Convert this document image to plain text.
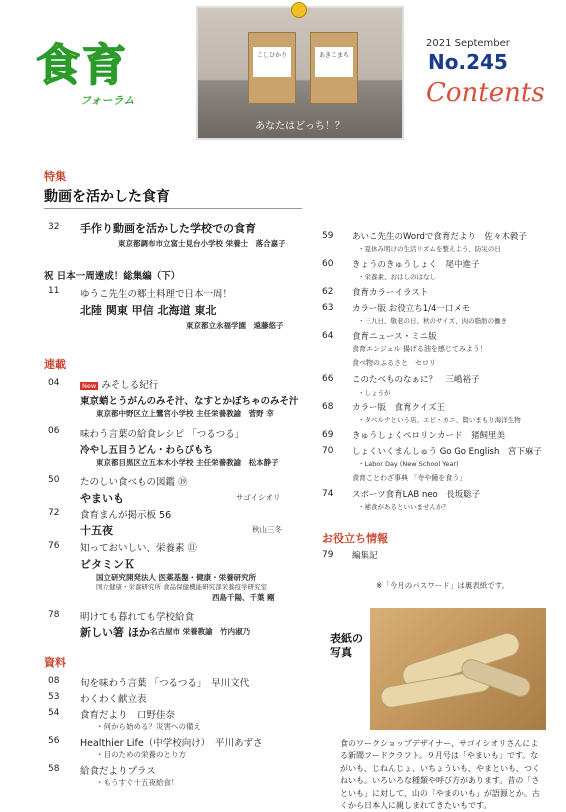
食育
フォーラム
こしひかり	あきこまち
あなたはどっち！？
2021 September
No.245
Contents
特集
動画を活かした食育
32 手作り動画を活かした学校での食育
東京都調布市立富士見台小学校 栄養士　落合嘉子
祝 日本一周達成！総集編（下）
11 ゆうこ先生の郷土料理で日本一周！
北陸 関東 甲信 北海道 東北
東京都立永福学園　遠藤悠子
連載
04	New みそしる紀行
東京蛸とうがんのみそ汁、なすとかぼちゃのみそ汁
東京都中野区立上鷺宮小学校 主任栄養教諭　菅野 幸
06 味わう言葉の給食レシピ 「つるつる」
冷やし五目うどん・わらびもち
東京都目黒区立五本木小学校 主任栄養教諭　松本静子
50 たのしい食べもの図鑑 ⑲
やまいも	サゴイシオリ
72 食育まんが掲示板 56
十五夜	秋山三冬
76 知っておいしい、栄養素 ⑪
ビタミンＫ
国立研究開発法人 医薬基盤・健康・栄養研究所
国立健康・栄養研究所 食品保健機能研究部栄養疫学研究室
西島千陽、千葉 剛
78 明けても暮れても学校給食
新しい箸 ほか 名古屋市 栄養教諭　竹内淑乃
資料
08 旬を味わう言葉 「つるつる」　早川文代
53 わくわく献立表
54 食育だより　口野佳奈
・何から始める？災害への備え
56 Healthier Life（中学校向け）　平川あずさ
・目のための栄養のとり方
58 給食だよりプラス
・もうすぐ十五夜給食！
59 あいこ先生のWordで食育だより　佐々木毅子
・夏休み明けの生活リズムを整えよう、防災の日
60 きょうのきゅうしょく　尾中進子
・栄養素、おはしのはなし
62 食育カラーイラスト
63 カラー版 お役立ち1/4一口メモ
・三九日、敬老の日、秋のサイズ、肉の脂肪の働き
64 食育ニュース・ミニ版
食育エンジェル 揚げる油を感じてみよう！
食べ物のふるさと　セロリ
66 このたべものなぁに？　三嶋裕子
・しょうが
68 カラー版　食育クイズ王
・タベルナという店、エビ・カニ、賢いまもり海洋生物
69 きゅうしょくぺロリンカード　猪飼里美
70 しょくいくまんしゅう Go Go English　宮下麻子
・Labor Day (New School Year)
食育ことわざ事典 「寺や鐘を食う」
74 スポーツ食育LAB neo　長坂聡子
・補食があるといいませんか？
お役立ち情報
79 編集記
※「今月のパスワード」は裏表紙です。
表紙の
写真
食のワークショップデザイナー、サゴイシオリさんによる新聞フードクラフト。９月号は「やまいも」です。ながいも、じねんじょ、いちょういも、やまといも、つくねいも。いろいろな種類や呼び方があります。昔の「さといも」に対して、山の「やまのいも」が語源とか。古くから日本人に親しまれてきたいもです。
